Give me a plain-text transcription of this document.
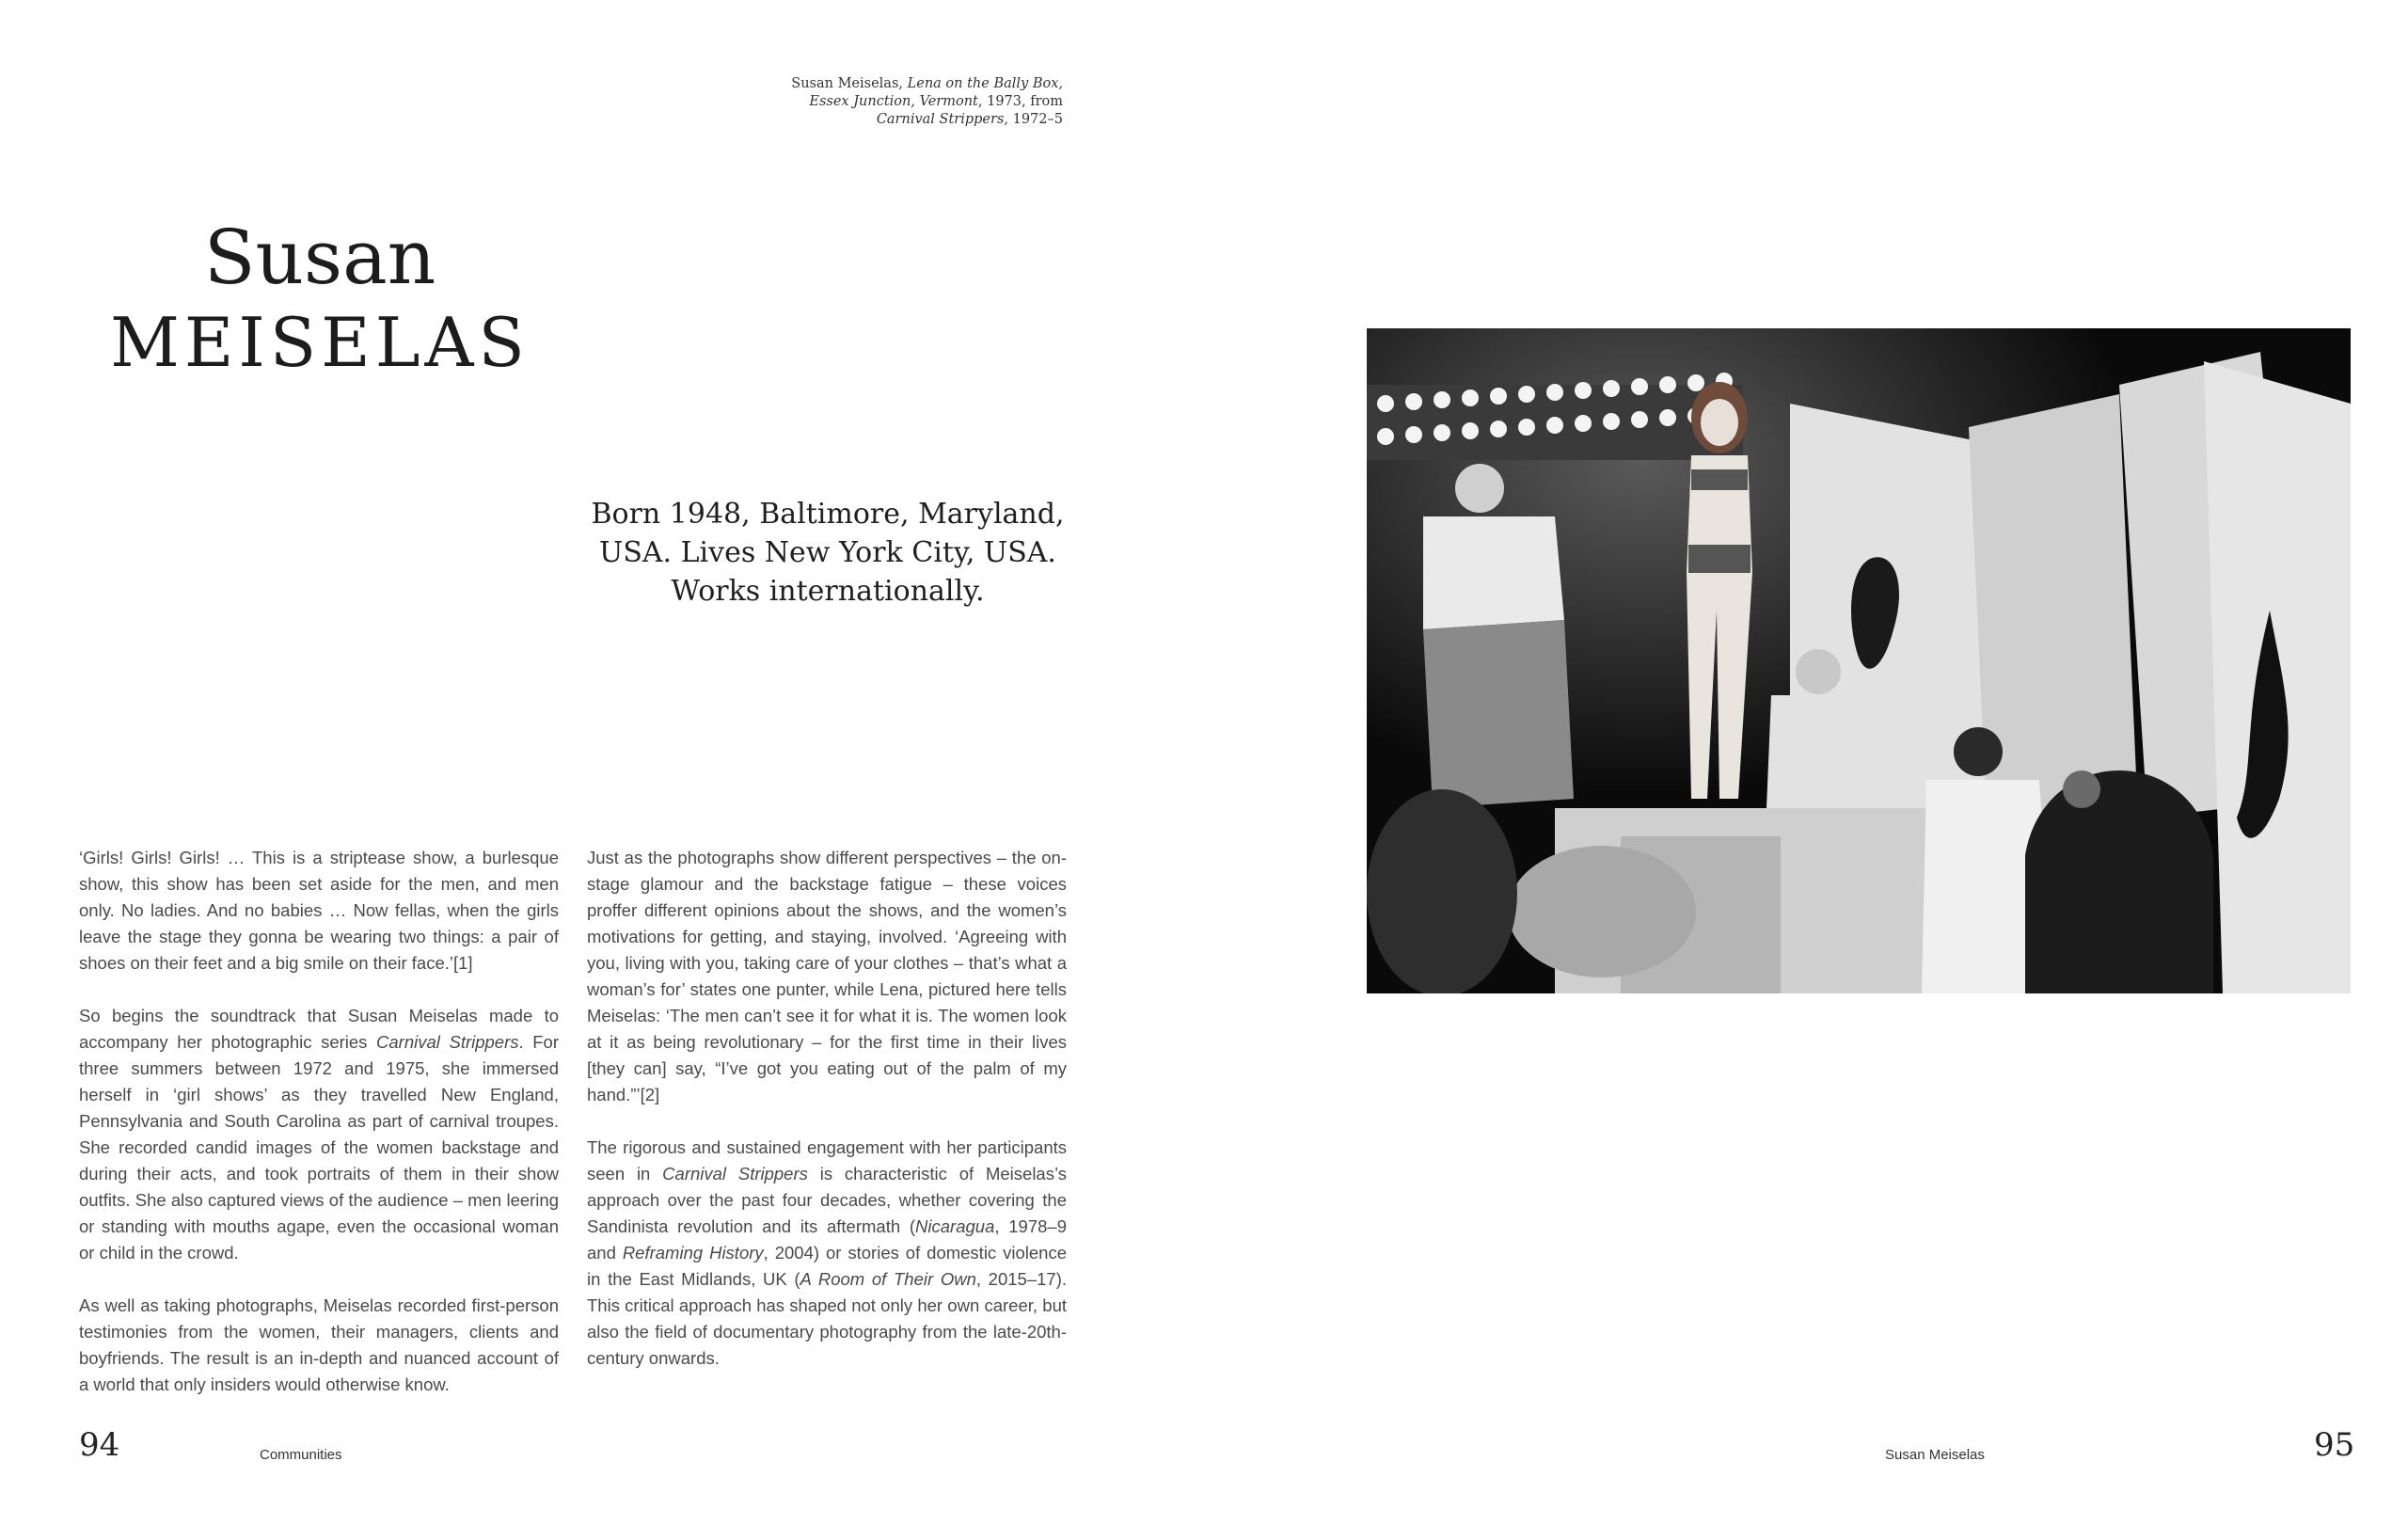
Susan Meiselas, Lena on the Bally Box,
Essex Junction, Vermont, 1973, from
Carnival Strippers, 1972–5
Susan
MEISELAS
Born 1948, Baltimore, Maryland,
USA. Lives New York City, USA.
Works internationally.

‘Girls! Girls! Girls! … This is a striptease show, a burlesque show, this show has been set aside for the men, and men only. No ladies. And no babies … Now fellas, when the girls leave the stage they gonna be wearing two things: a pair of shoes on their feet and a big smile on their face.’[1]

So begins the soundtrack that Susan Meiselas made to accompany her photographic series Carnival Strippers. For three summers between 1972 and 1975, she immersed herself in ‘girl shows’ as they travelled New England, Pennsylvania and South Carolina as part of carnival troupes. She recorded candid images of the women backstage and during their acts, and took portraits of them in their show outfits. She also captured views of the audience – men leering or standing with mouths agape, even the occasional woman or child in the crowd.

As well as taking photographs, Meiselas recorded first-person testimonies from the women, their managers, clients and boyfriends. The result is an in-depth and nuanced account of a world that only insiders would otherwise know.

Just as the photographs show different perspectives – the on-stage glamour and the backstage fatigue – these voices proffer different opinions about the shows, and the women’s motivations for getting, and staying, involved. ‘Agreeing with you, living with you, taking care of your clothes – that’s what a woman’s for’ states one punter, while Lena, pictured here tells Meiselas: ‘The men can’t see it for what it is. The women look at it as being revolutionary – for the first time in their lives [they can] say, “I’ve got you eating out of the palm of my hand.”’[2]

The rigorous and sustained engagement with her participants seen in Carnival Strippers is characteristic of Meiselas’s approach over the past four decades, whether covering the Sandinista revolution and its aftermath (Nicaragua, 1978–9 and Reframing History, 2004) or stories of domestic violence in the East Midlands, UK (A Room of Their Own, 2015–17). This critical approach has shaped not only her own career, but also the field of documentary photography from the late-20th-century onwards.

94	Communities	Susan Meiselas	95
